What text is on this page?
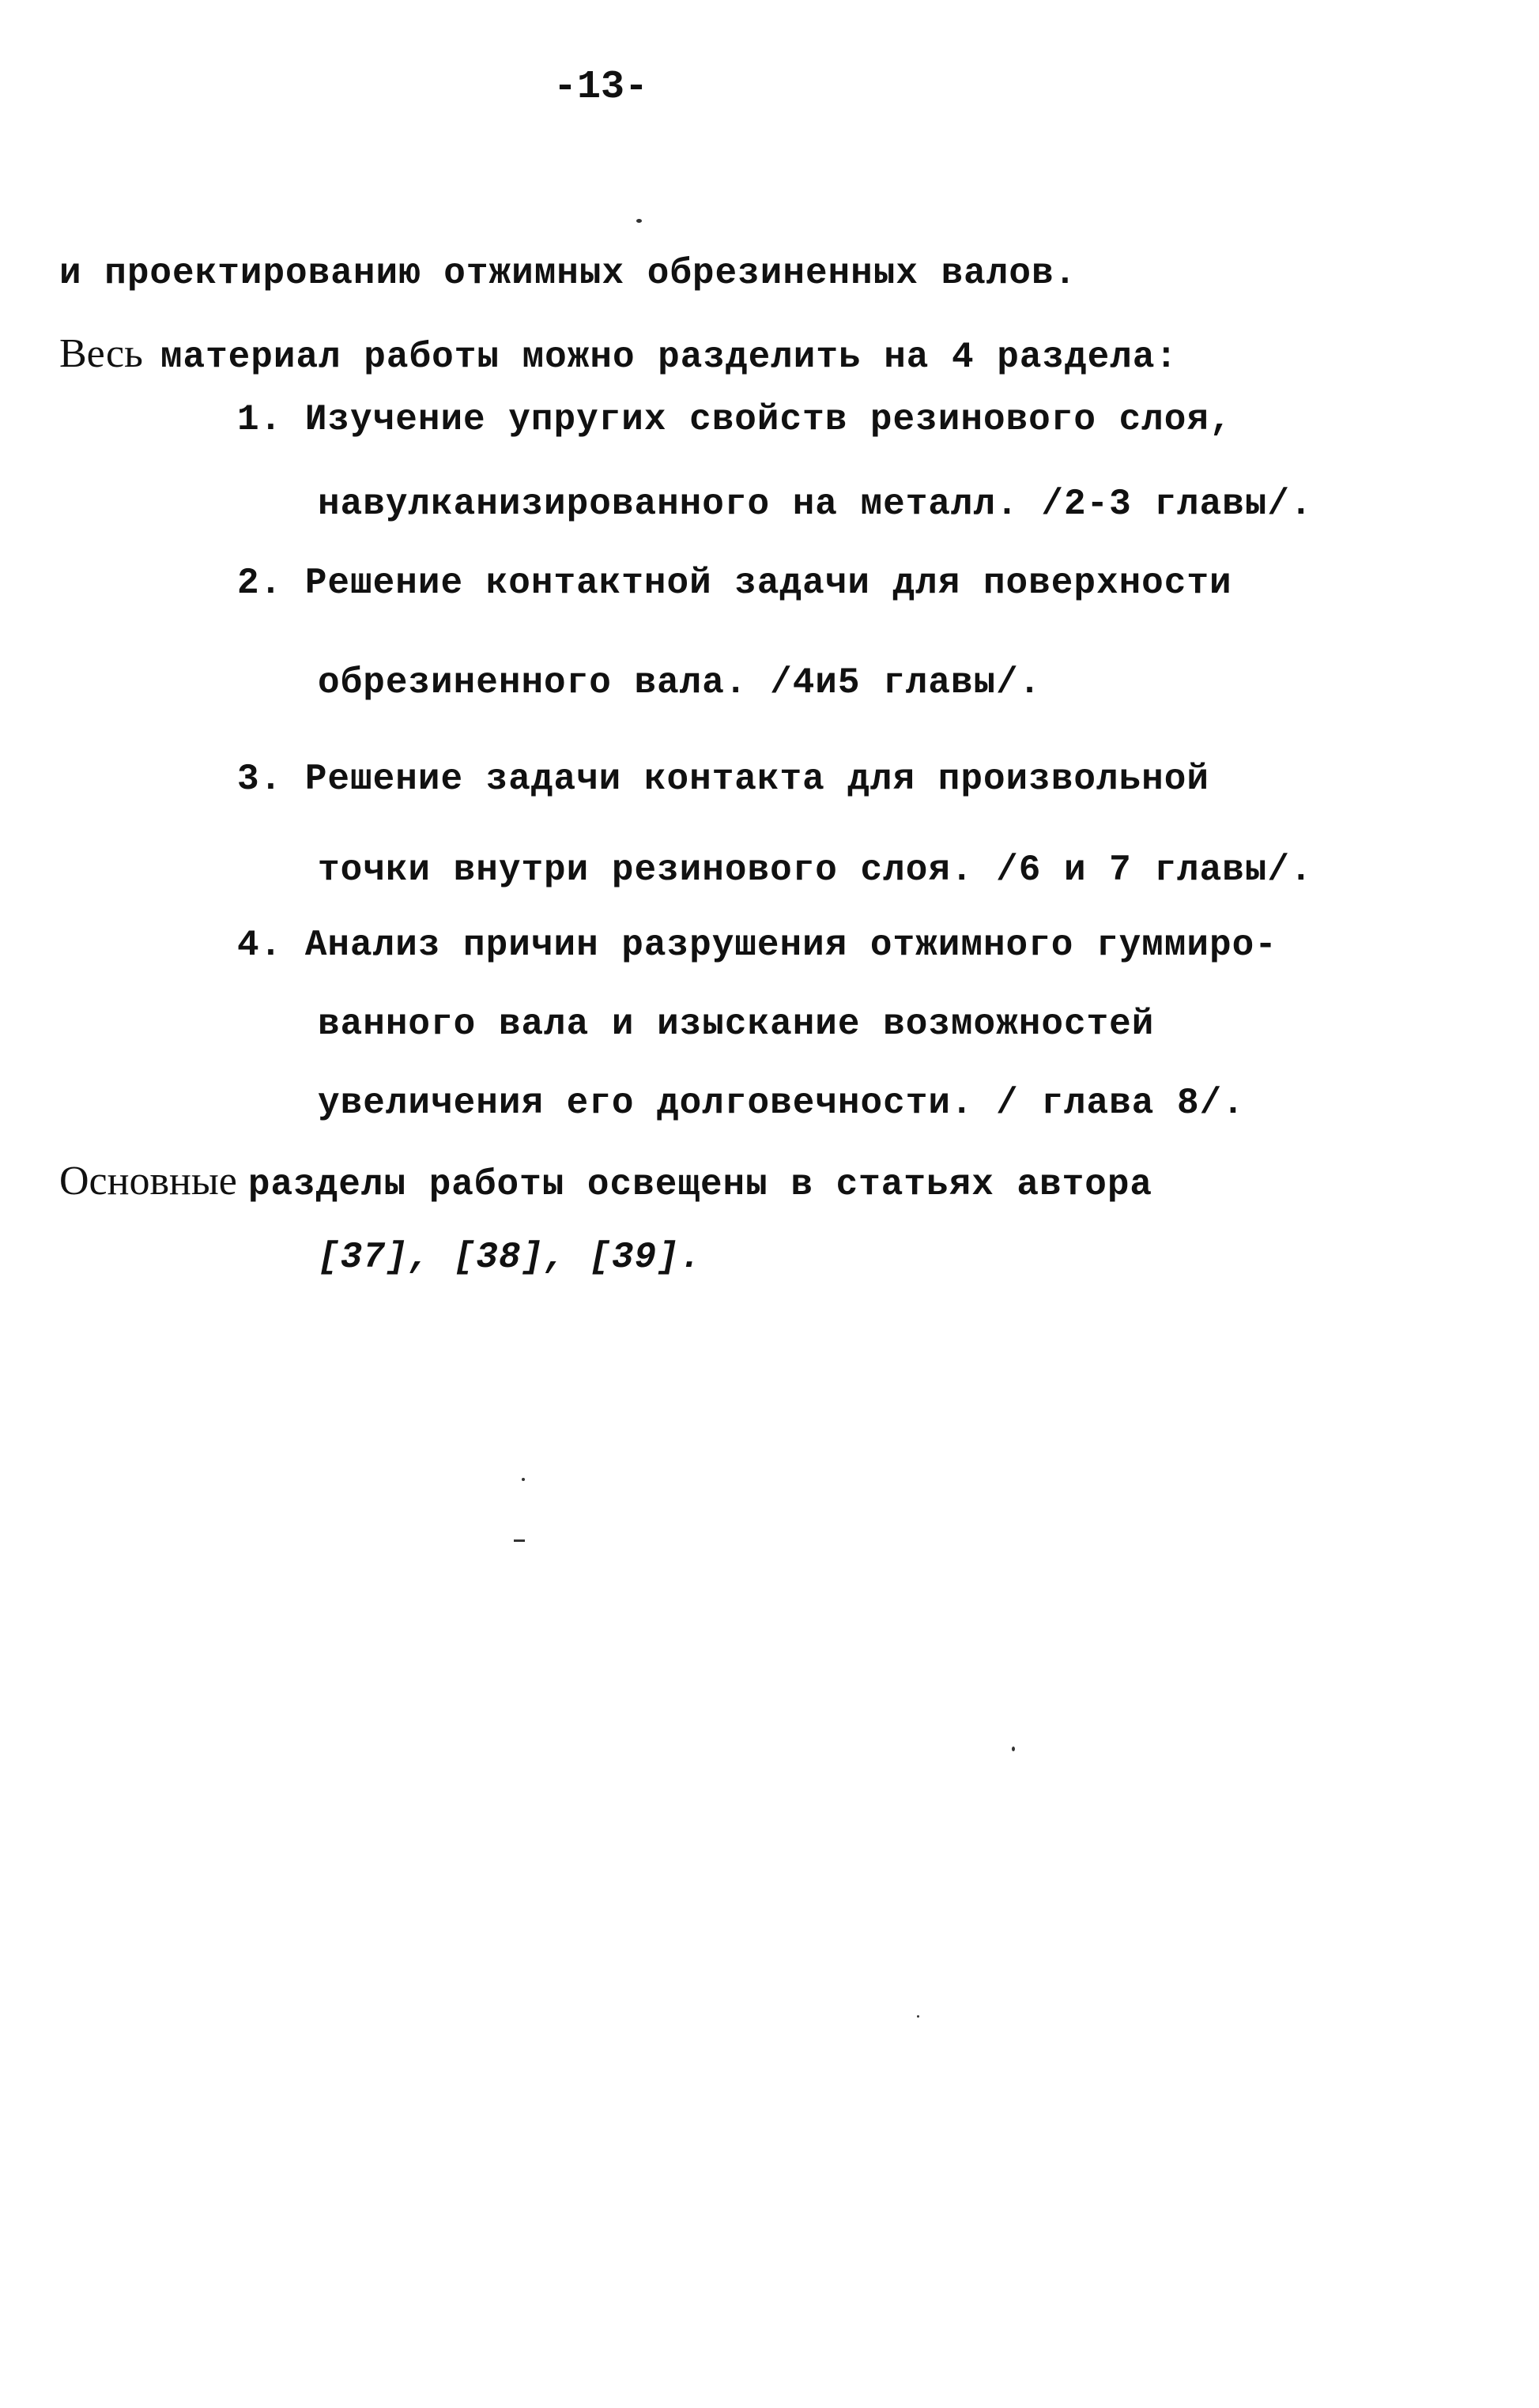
-13-
и проектированию отжимных обрезиненных валов.
Весь материал работы можно разделить на 4 раздела:
1. Изучение упругих свойств резинового слоя,
навулканизированного на металл. /2-3 главы/.
2. Решение контактной задачи для поверхности
обрезиненного вала. /4и5 главы/.
3. Решение задачи контакта для произвольной
точки внутри резинового слоя. /6 и 7 главы/.
4. Анализ причин разрушения отжимного гуммиро-
ванного вала и изыскание возможностей
увеличения его долговечности. / глава 8/.
Основные разделы работы освещены в статьях автора
[37], [38], [39].
